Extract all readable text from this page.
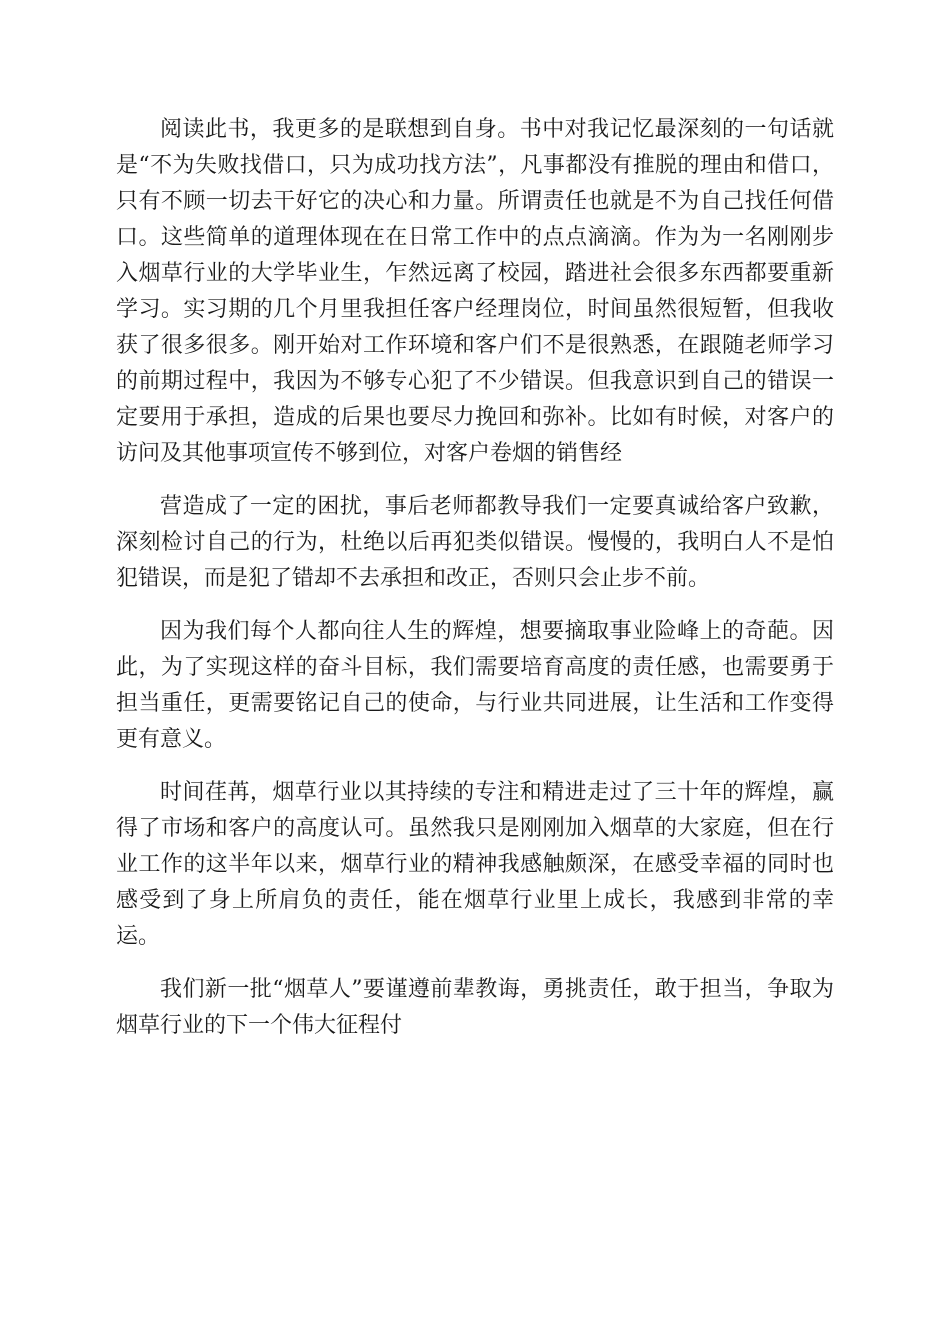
阅读此书，我更多的是联想到自身。书中对我记忆最深刻的一句话就是“不为失败找借口，只为成功找方法”，凡事都没有推脱的理由和借口，只有不顾一切去干好它的决心和力量。所谓责任也就是不为自己找任何借口。这些简单的道理体现在在日常工作中的点点滴滴。作为为一名刚刚步入烟草行业的大学毕业生，乍然远离了校园，踏进社会很多东西都要重新学习。实习期的几个月里我担任客户经理岗位，时间虽然很短暂，但我收获了很多很多。刚开始对工作环境和客户们不是很熟悉，在跟随老师学习的前期过程中，我因为不够专心犯了不少错误。但我意识到自己的错误一定要用于承担，造成的后果也要尽力挽回和弥补。比如有时候，对客户的访问及其他事项宣传不够到位，对客户卷烟的销售经

营造成了一定的困扰，事后老师都教导我们一定要真诚给客户致歉，深刻检讨自己的行为，杜绝以后再犯类似错误。慢慢的，我明白人不是怕犯错误，而是犯了错却不去承担和改正，否则只会止步不前。

因为我们每个人都向往人生的辉煌，想要摘取事业险峰上的奇葩。因此，为了实现这样的奋斗目标，我们需要培育高度的责任感，也需要勇于担当重任，更需要铭记自己的使命，与行业共同进展，让生活和工作变得更有意义。

时间荏苒，烟草行业以其持续的专注和精进走过了三十年的辉煌，赢得了市场和客户的高度认可。虽然我只是刚刚加入烟草的大家庭，但在行业工作的这半年以来，烟草行业的精神我感触颇深，在感受幸福的同时也感受到了身上所肩负的责任，能在烟草行业里上成长，我感到非常的幸运。

我们新一批“烟草人”要谨遵前辈教诲，勇挑责任，敢于担当，争取为烟草行业的下一个伟大征程付
